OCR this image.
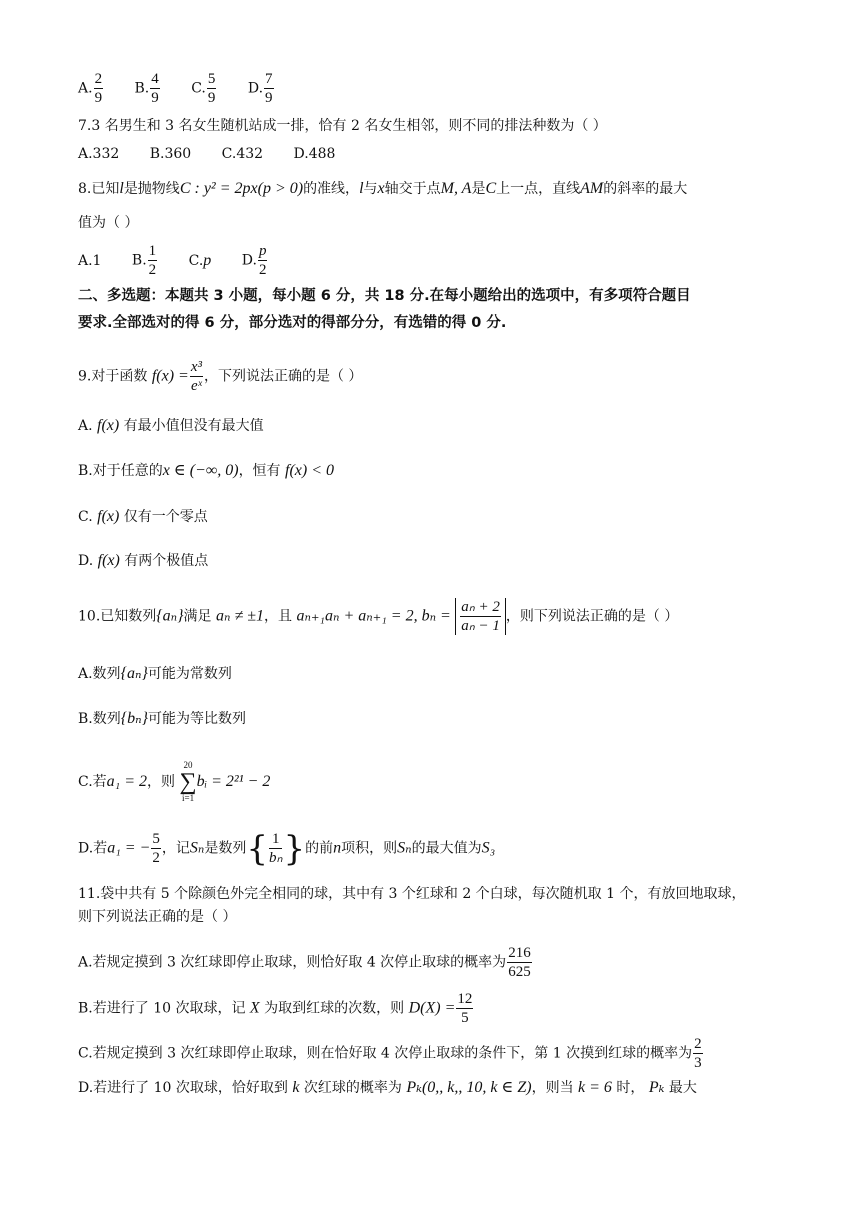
A. $\frac{2}{9} B$. $\frac{4}{9} C$. $\frac{5}{9} D$. $\frac{7}{9}$
7.3 名男生和 3 名女生随机站成一排，恰有 2 名女生相邻，则不同的排法种数为（ ）
A.332 B.360 C.432 D.488
8.已知l是抛物线C : y² = 2px(p > 0)的准线，l与x轴交于点M, A是C上一点，直线AM的斜率的最大
值为（ ）
A.1 B. $\frac{1}{2} C.p$ D. $\frac{p}{2}$
二、多选题：本题共 3 小题，每小题 6 分，共 18 分.在每小题给出的选项中，有多项符合题目
要求.全部选对的得 6 分，部分选对的得部分分，有选错的得 0 分.
9.对于函数 $f(x) = \frac{\text{x³}}{\text{eˣ}}$ ，下列说法正确的是（ ）
A. f(x) 有最小值但没有最大值
B.对于任意的x ∈ (−∞, 0)，恒有 f(x) < 0
C. f(x) 仅有一个零点
D. f(x) 有两个极值点
10.已知数列{aₙ}满足 aₙ ≠ ±1，且 aₙ₊₁aₙ + aₙ₊₁ = 2, $b_n = \frac{\text{aₙ + 2}}{\text{aₙ − 1}}$ ，则下列说法正确的是（ ）
A.数列{aₙ}可能为常数列
B.数列{bₙ}可能为等比数列
C.若a₁ = 2，则
20
∑
i=1
bᵢ = 2²¹ − 2
D.若a₁ = − $\frac{5}{2}$ ，记Sₙ是数列{ $\frac{1}{\text{bₙ}}$ }的前n项积，则Sₙ的最大值为S₃
11.袋中共有 5 个除颜色外完全相同的球，其中有 3 个红球和 2 个白球，每次随机取 1 个，有放回地取球，
则下列说法正确的是（ ）
A.若规定摸到 3 次红球即停止取球，则恰好取 4 次停止取球的概率为 $\frac{216}{625}$
B.若进行了 10 次取球，记 X 为取到红球的次数，则 $D(X) = \frac{12}{5}$
C.若规定摸到 3 次红球即停止取球，则在恰好取 4 次停止取球的条件下，第 1 次摸到红球的概率为 $\frac{2}{3}$
D.若进行了 10 次取球，恰好取到 k 次红球的概率为 Pₖ(0,, k,, 10, k ∈ Z)，则当 k = 6 时， Pₖ 最大
